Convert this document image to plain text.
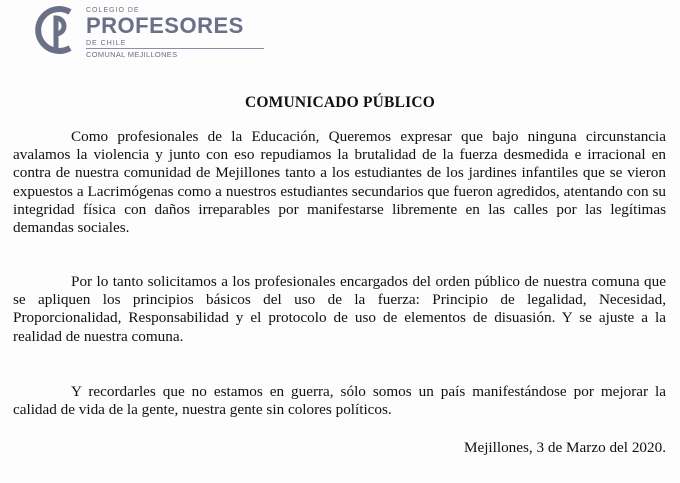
COLEGIO DE
PROFESORES
DE CHILE
COMUNAL MEJILLONES
COMUNICADO PÚBLICO

Como profesionales de la Educación, Queremos expresar que bajo ninguna circunstancia avalamos la violencia y junto con eso repudiamos la brutalidad de la fuerza desmedida e irracional en contra de nuestra comunidad de Mejillones tanto a los estudiantes de los jardines infantiles que se vieron expuestos a Lacrimógenas como a nuestros estudiantes secundarios que fueron agredidos, atentando con su integridad física con daños irreparables por manifestarse libremente en las calles por las legítimas demandas sociales.

Por lo tanto solicitamos a los profesionales encargados del orden público de nuestra comuna que se apliquen los principios básicos del uso de la fuerza: Principio de legalidad, Necesidad, Proporcionalidad, Responsabilidad y el protocolo de uso de elementos de disuasión. Y se ajuste a la realidad de nuestra comuna.

Y recordarles que no estamos en guerra, sólo somos un país manifestándose por mejorar la calidad de vida de la gente, nuestra gente sin colores políticos.

Mejillones, 3 de Marzo del 2020.
